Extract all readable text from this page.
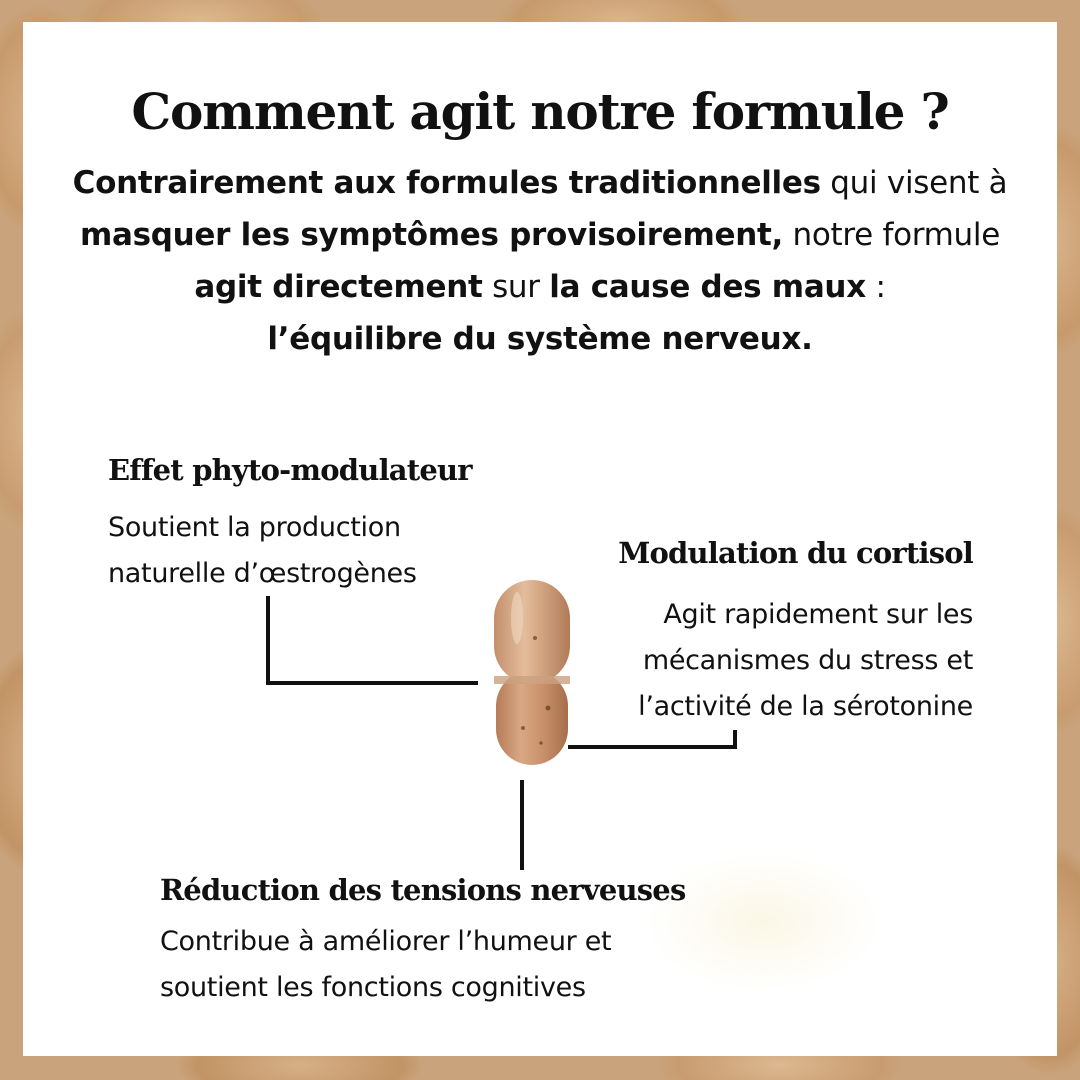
Comment agit notre formule ?

Contrairement aux formules traditionnelles qui visent à
masquer les symptômes provisoirement, notre formule
agit directement sur la cause des maux :
l’équilibre du système nerveux.

Effet phyto-modulateur

Soutient la production
naturelle d’œstrogènes

Modulation du cortisol

Agit rapidement sur les
mécanismes du stress et
l’activité de la sérotonine

Réduction des tensions nerveuses

Contribue à améliorer l’humeur et
soutient les fonctions cognitives
